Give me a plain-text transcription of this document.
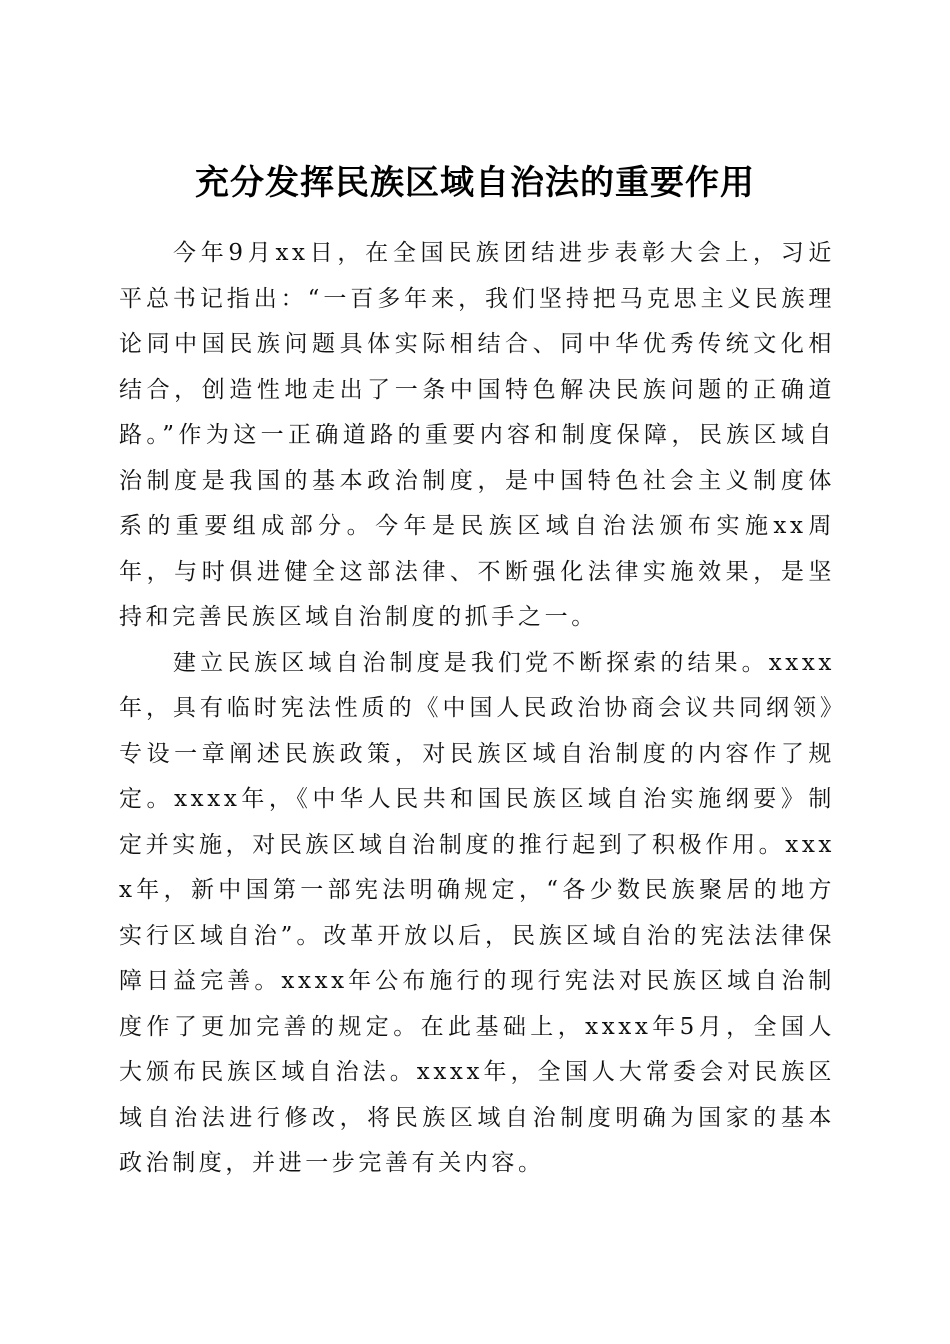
充分发挥民族区域自治法的重要作用

今年9月xx日，在全国民族团结进步表彰大会上，习近平总书记指出：“一百多年来，我们坚持把马克思主义民族理论同中国民族问题具体实际相结合、同中华优秀传统文化相结合，创造性地走出了一条中国特色解决民族问题的正确道路。”作为这一正确道路的重要内容和制度保障，民族区域自治制度是我国的基本政治制度，是中国特色社会主义制度体系的重要组成部分。今年是民族区域自治法颁布实施xx周年，与时俱进健全这部法律、不断强化法律实施效果，是坚持和完善民族区域自治制度的抓手之一。

建立民族区域自治制度是我们党不断探索的结果。xxxx年，具有临时宪法性质的《中国人民政治协商会议共同纲领》专设一章阐述民族政策，对民族区域自治制度的内容作了规定。xxxx年，《中华人民共和国民族区域自治实施纲要》制定并实施，对民族区域自治制度的推行起到了积极作用。xxxx年，新中国第一部宪法明确规定，“各少数民族聚居的地方实行区域自治”。改革开放以后，民族区域自治的宪法法律保障日益完善。xxxx年公布施行的现行宪法对民族区域自治制度作了更加完善的规定。在此基础上，xxxx年5月，全国人大颁布民族区域自治法。xxxx年，全国人大常委会对民族区域自治法进行修改，将民族区域自治制度明确为国家的基本政治制度，并进一步完善有关内容。
